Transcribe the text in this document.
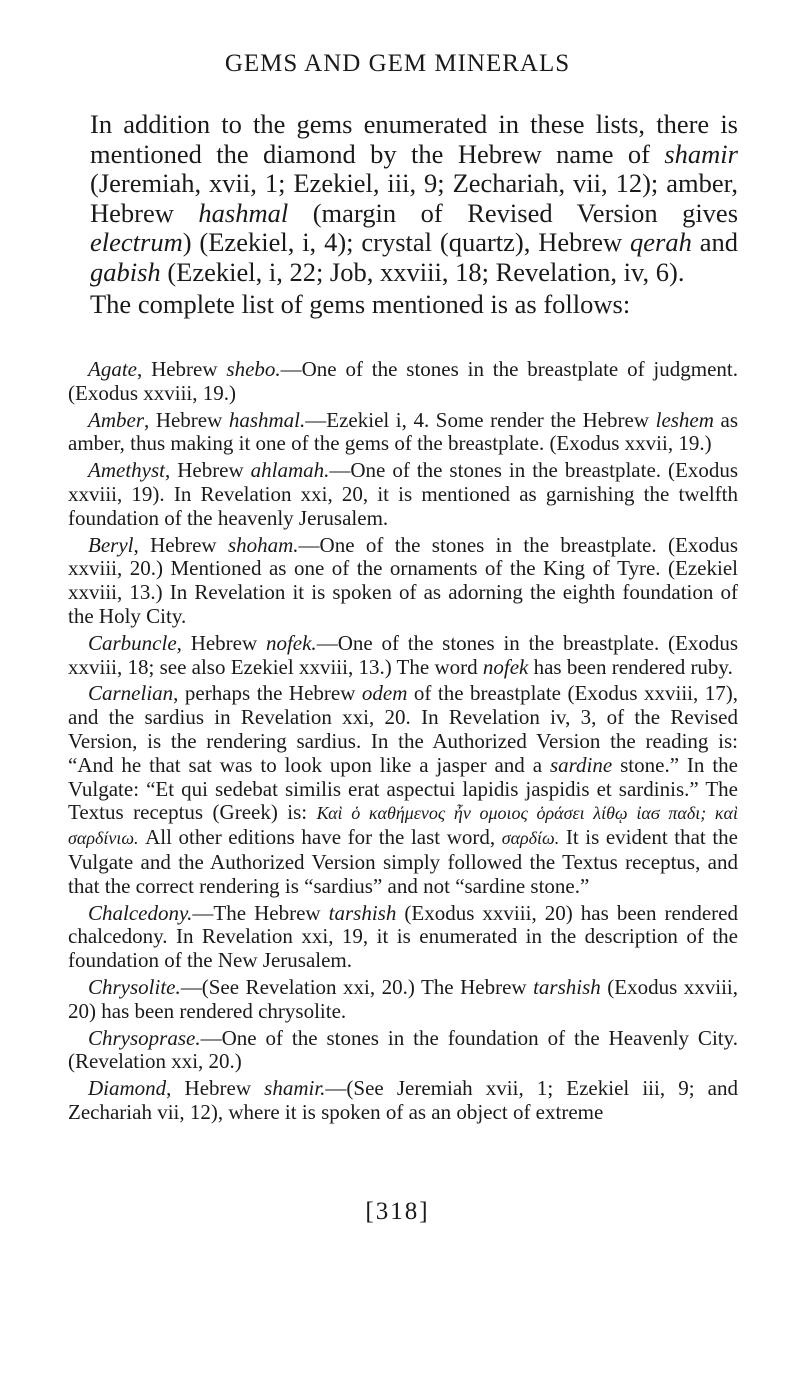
GEMS AND GEM MINERALS

In addition to the gems enumerated in these lists, there is mentioned the diamond by the Hebrew name of shamir (Jeremiah, xvii, 1; Ezekiel, iii, 9; Zechariah, vii, 12); amber, Hebrew hashmal (margin of Revised Version gives electrum) (Ezekiel, i, 4); crystal (quartz), Hebrew qerah and gabish (Ezekiel, i, 22; Job, xxviii, 18; Revelation, iv, 6).

The complete list of gems mentioned is as follows:

Agate, Hebrew shebo.—One of the stones in the breastplate of judgment. (Exodus xxviii, 19.)

Amber, Hebrew hashmal.—Ezekiel i, 4. Some render the Hebrew leshem as amber, thus making it one of the gems of the breastplate. (Exodus xxvii, 19.)

Amethyst, Hebrew ahlamah.—One of the stones in the breastplate. (Exodus xxviii, 19). In Revelation xxi, 20, it is mentioned as garnishing the twelfth foundation of the heavenly Jerusalem.

Beryl, Hebrew shoham.—One of the stones in the breastplate. (Exodus xxviii, 20.) Mentioned as one of the ornaments of the King of Tyre. (Ezekiel xxviii, 13.) In Revelation it is spoken of as adorning the eighth foundation of the Holy City.

Carbuncle, Hebrew nofek.—One of the stones in the breastplate. (Exodus xxviii, 18; see also Ezekiel xxviii, 13.) The word nofek has been rendered ruby.

Carnelian, perhaps the Hebrew odem of the breastplate (Exodus xxviii, 17), and the sardius in Revelation xxi, 20. In Revelation iv, 3, of the Revised Version, is the rendering sardius. In the Authorized Version the reading is: “And he that sat was to look upon like a jasper and a sardine stone.” In the Vulgate: “Et qui sedebat similis erat aspectui lapidis jaspidis et sardinis.” The Textus receptus (Greek) is: Καὶ ὁ καθήμενος ἦν ομοιος ὁράσει λίθῳ ἰαϭ παδι; καὶ σαρδίνιω. All other editions have for the last word, σαρδίω. It is evident that the Vulgate and the Authorized Version simply followed the Textus receptus, and that the correct rendering is “sardius” and not “sardine stone.”

Chalcedony.—The Hebrew tarshish (Exodus xxviii, 20) has been rendered chalcedony. In Revelation xxi, 19, it is enumerated in the description of the foundation of the New Jerusalem.

Chrysolite.—(See Revelation xxi, 20.) The Hebrew tarshish (Exodus xxviii, 20) has been rendered chrysolite.

Chrysoprase.—One of the stones in the foundation of the Heavenly City. (Revelation xxi, 20.)

Diamond, Hebrew shamir.—(See Jeremiah xvii, 1; Ezekiel iii, 9; and Zechariah vii, 12), where it is spoken of as an object of extreme

[318]
